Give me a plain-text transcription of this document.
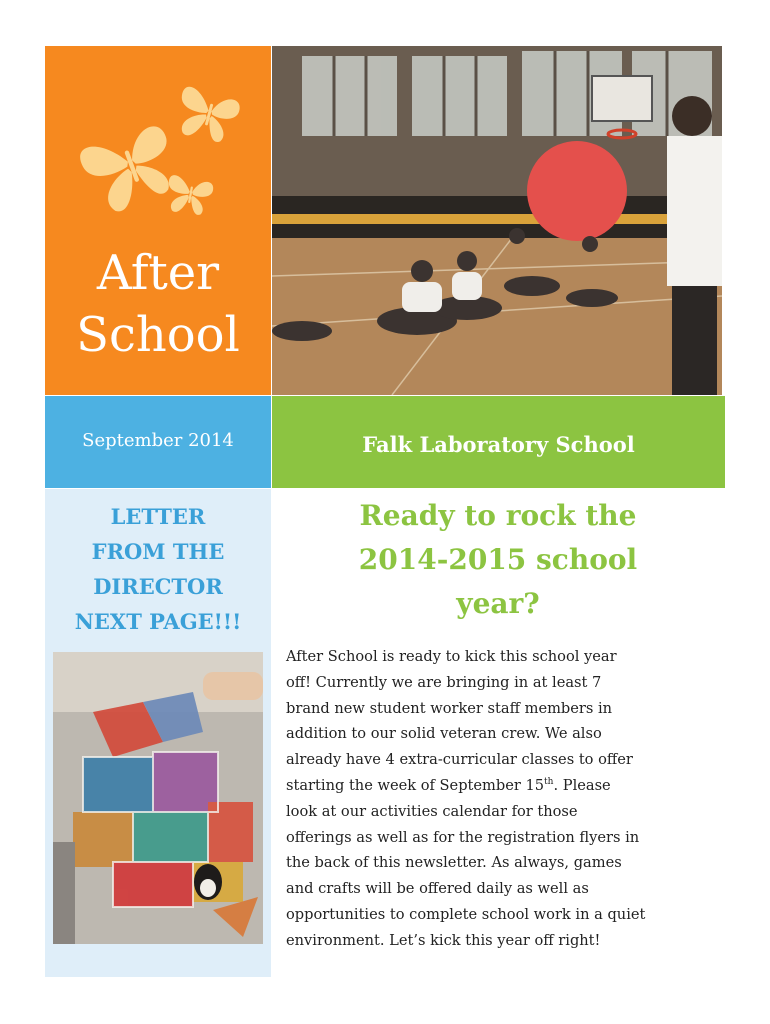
After
School
September 2014	Falk Laboratory School
LETTER
FROM THE
DIRECTOR
NEXT PAGE!!!
Ready to rock the
2014-2015 school
year?
After School is ready to kick this school year
off! Currently we are bringing in at least 7
brand new student worker staff members in
addition to our solid veteran crew. We also
already have 4 extra-curricular classes to offer
starting the week of September 15th. Please
look at our activities calendar for those
offerings as well as for the registration flyers in
the back of this newsletter. As always, games
and crafts will be offered daily as well as
opportunities to complete school work in a quiet
environment. Let’s kick this year off right!
